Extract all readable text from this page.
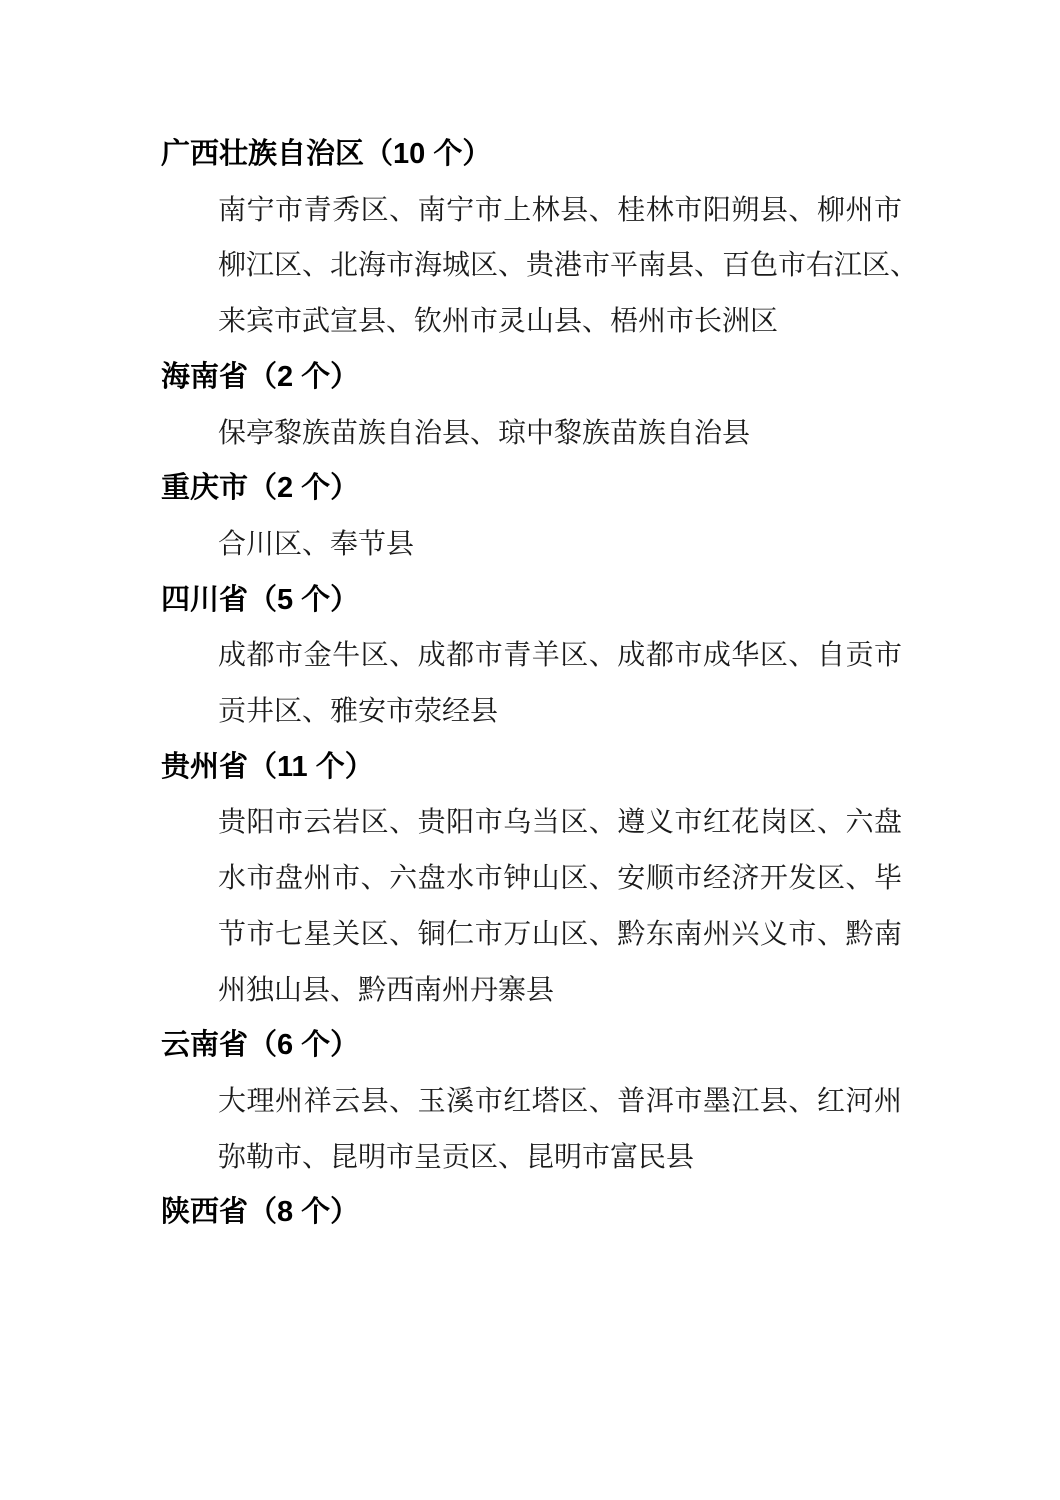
广西壮族自治区（10 个）
南宁市青秀区、南宁市上林县、桂林市阳朔县、柳州市
柳江区、北海市海城区、贵港市平南县、百色市右江区、
来宾市武宣县、钦州市灵山县、梧州市长洲区
海南省（2 个）
保亭黎族苗族自治县、琼中黎族苗族自治县
重庆市（2 个）
合川区、奉节县
四川省（5 个）
成都市金牛区、成都市青羊区、成都市成华区、自贡市
贡井区、雅安市荥经县
贵州省（11 个）
贵阳市云岩区、贵阳市乌当区、遵义市红花岗区、六盘
水市盘州市、六盘水市钟山区、安顺市经济开发区、毕
节市七星关区、铜仁市万山区、黔东南州兴义市、黔南
州独山县、黔西南州丹寨县
云南省（6 个）
大理州祥云县、玉溪市红塔区、普洱市墨江县、红河州
弥勒市、昆明市呈贡区、昆明市富民县
陕西省（8 个）
